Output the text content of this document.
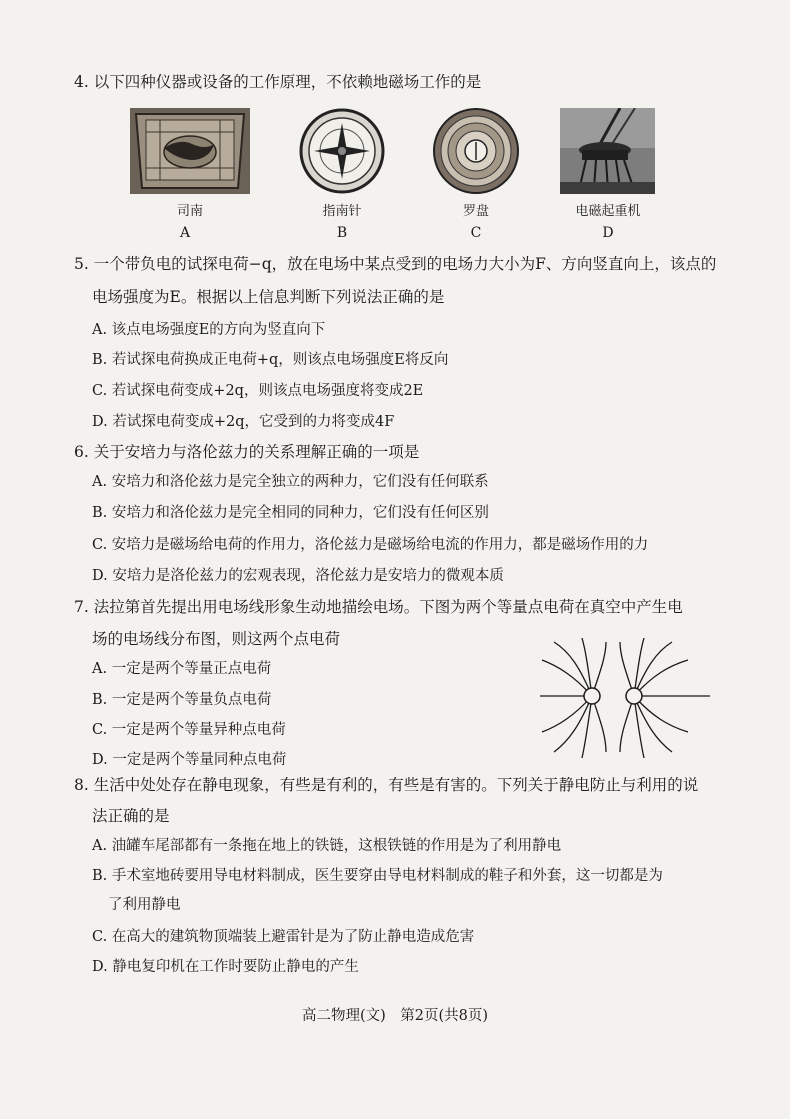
4. 以下四种仪器或设备的工作原理，不依赖地磁场工作的是
司南
A
指南针
B
罗盘
C
电磁起重机
D
5. 一个带负电的试探电荷−q，放在电场中某点受到的电场力大小为F、方向竖直向上，该点的
电场强度为E。根据以上信息判断下列说法正确的是
A. 该点电场强度E的方向为竖直向下
B. 若试探电荷换成正电荷+q，则该点电场强度E将反向
C. 若试探电荷变成+2q，则该点电场强度将变成2E
D. 若试探电荷变成+2q，它受到的力将变成4F
6. 关于安培力与洛伦兹力的关系理解正确的一项是
A. 安培力和洛伦兹力是完全独立的两种力，它们没有任何联系
B. 安培力和洛伦兹力是完全相同的同种力，它们没有任何区别
C. 安培力是磁场给电荷的作用力，洛伦兹力是磁场给电流的作用力，都是磁场作用的力
D. 安培力是洛伦兹力的宏观表现，洛伦兹力是安培力的微观本质
7. 法拉第首先提出用电场线形象生动地描绘电场。下图为两个等量点电荷在真空中产生电
场的电场线分布图，则这两个点电荷
A. 一定是两个等量正点电荷
B. 一定是两个等量负点电荷
C. 一定是两个等量异种点电荷
D. 一定是两个等量同种点电荷
8. 生活中处处存在静电现象，有些是有利的，有些是有害的。下列关于静电防止与利用的说
法正确的是
A. 油罐车尾部都有一条拖在地上的铁链，这根铁链的作用是为了利用静电
B. 手术室地砖要用导电材料制成，医生要穿由导电材料制成的鞋子和外套，这一切都是为
了利用静电
C. 在高大的建筑物顶端装上避雷针是为了防止静电造成危害
D. 静电复印机在工作时要防止静电的产生
高二物理(文)　第2页(共8页)
